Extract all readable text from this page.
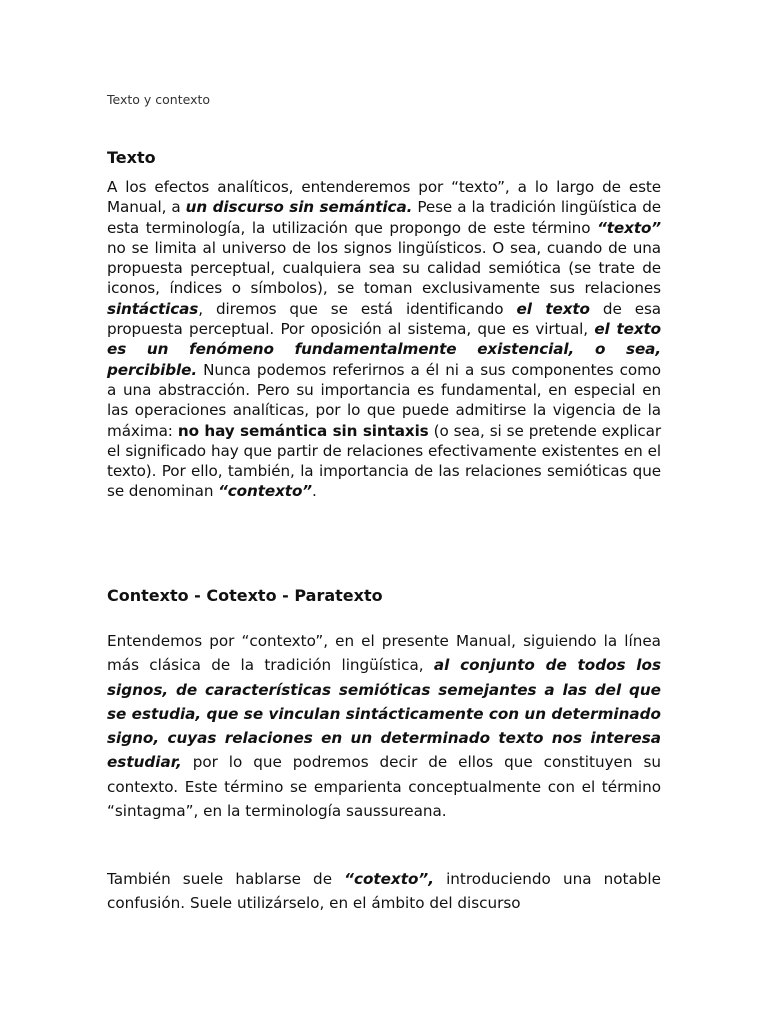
Texto y contexto

Texto

A los efectos analíticos, entenderemos por “texto”, a lo largo de este Manual, a un discurso sin semántica. Pese a la tradición lingüística de esta terminología, la utilización que propongo de este término “texto” no se limita al universo de los signos lingüísticos. O sea, cuando de una propuesta perceptual, cualquiera sea su calidad semiótica (se trate de iconos, índices o símbolos), se toman exclusivamente sus relaciones sintácticas, diremos que se está identificando el texto de esa propuesta perceptual. Por oposición al sistema, que es virtual, el texto es un fenómeno fundamentalmente existencial, o sea, percibible. Nunca podemos referirnos a él ni a sus componentes como a una abstracción. Pero su importancia es fundamental, en especial en las operaciones analíticas, por lo que puede admitirse la vigencia de la máxima: no hay semántica sin sintaxis (o sea, si se pretende explicar el significado hay que partir de relaciones efectivamente existentes en el texto). Por ello, también, la importancia de las relaciones semióticas que se denominan “contexto”.

Contexto - Cotexto - Paratexto

Entendemos por “contexto”, en el presente Manual, siguiendo la línea más clásica de la tradición lingüística, al conjunto de todos los signos, de características semióticas semejantes a las del que se estudia, que se vinculan sintácticamente con un determinado signo, cuyas relaciones en un determinado texto nos interesa estudiar, por lo que podremos decir de ellos que constituyen su contexto. Este término se emparienta conceptualmente con el término “sintagma”, en la terminología saussureana.

También suele hablarse de “cotexto”, introduciendo una notable confusión. Suele utilizárselo, en el ámbito del discurso
